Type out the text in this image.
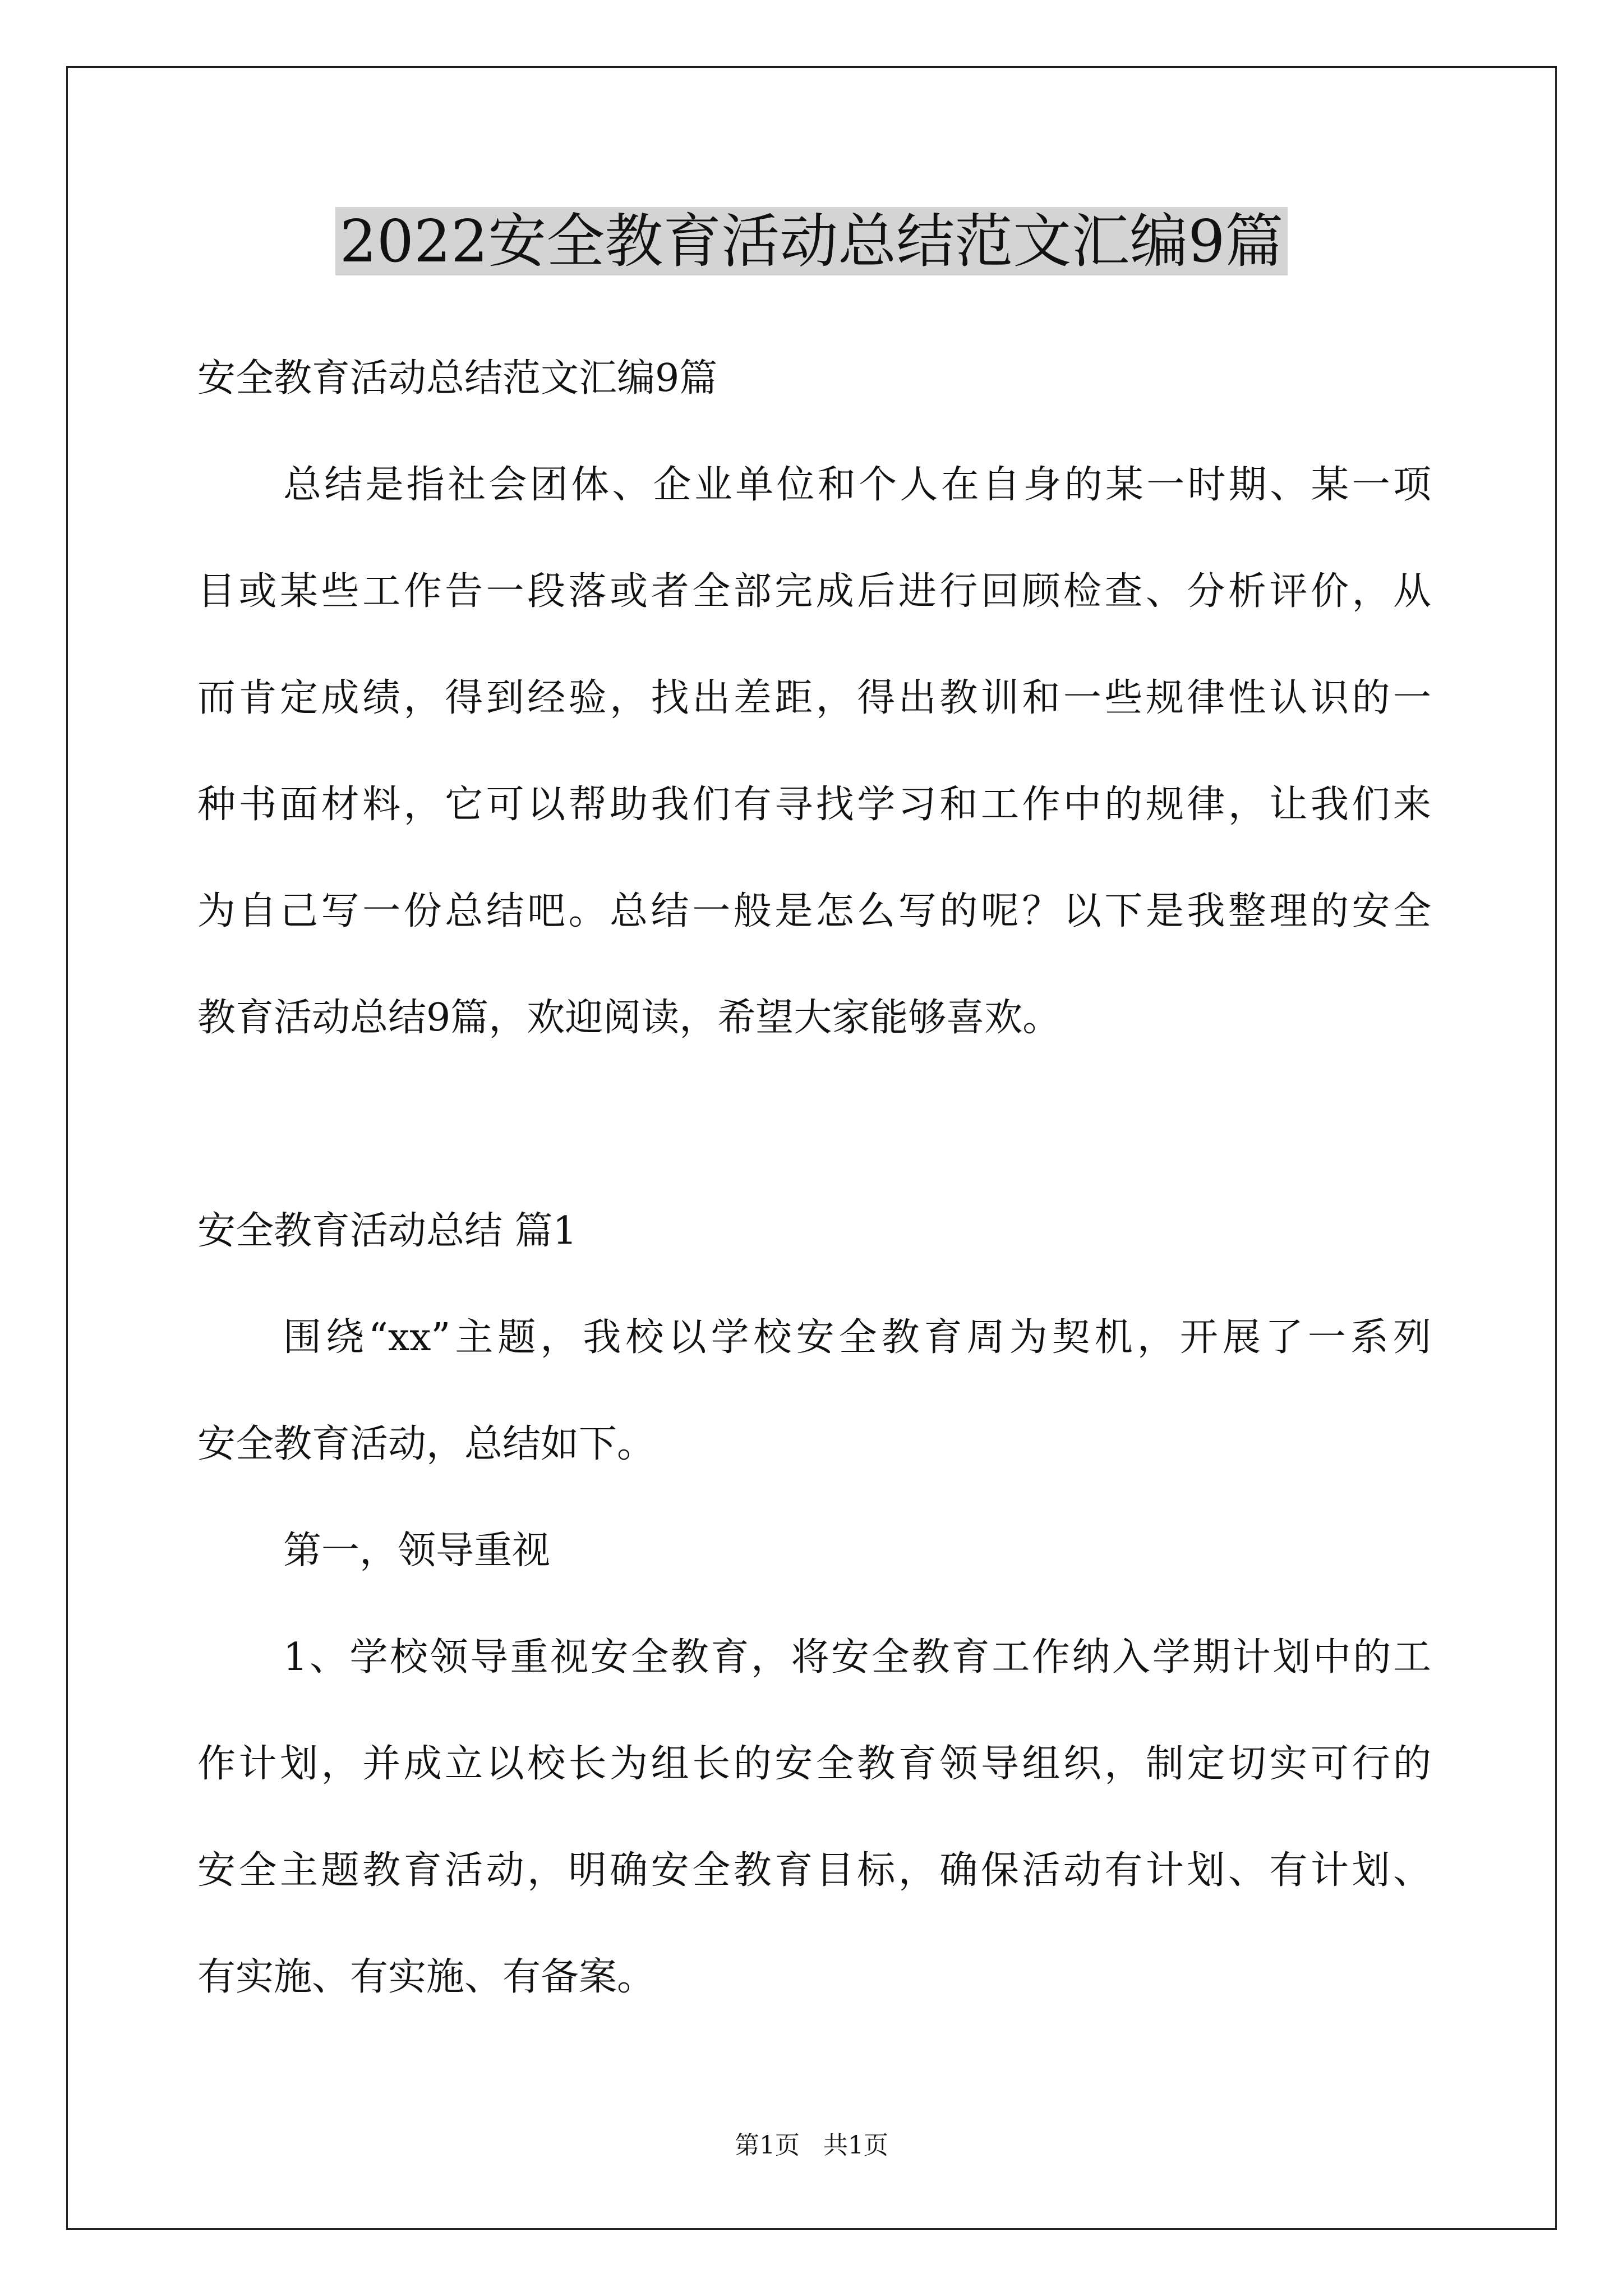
2022安全教育活动总结范文汇编9篇
安全教育活动总结范文汇编9篇
总结是指社会团体、企业单位和个人在自身的某一时期、某一项
目或某些工作告一段落或者全部完成后进行回顾检查、分析评价，从
而肯定成绩，得到经验，找出差距，得出教训和一些规律性认识的一
种书面材料，它可以帮助我们有寻找学习和工作中的规律，让我们来
为自己写一份总结吧。总结一般是怎么写的呢？以下是我整理的安全
教育活动总结9篇，欢迎阅读，希望大家能够喜欢。
安全教育活动总结 篇1
围绕“xx”主题，我校以学校安全教育周为契机，开展了一系列
安全教育活动，总结如下。
第一，领导重视
1、学校领导重视安全教育，将安全教育工作纳入学期计划中的工
作计划，并成立以校长为组长的安全教育领导组织，制定切实可行的
安全主题教育活动，明确安全教育目标，确保活动有计划、有计划、
有实施、有实施、有备案。
第1页   共1页
